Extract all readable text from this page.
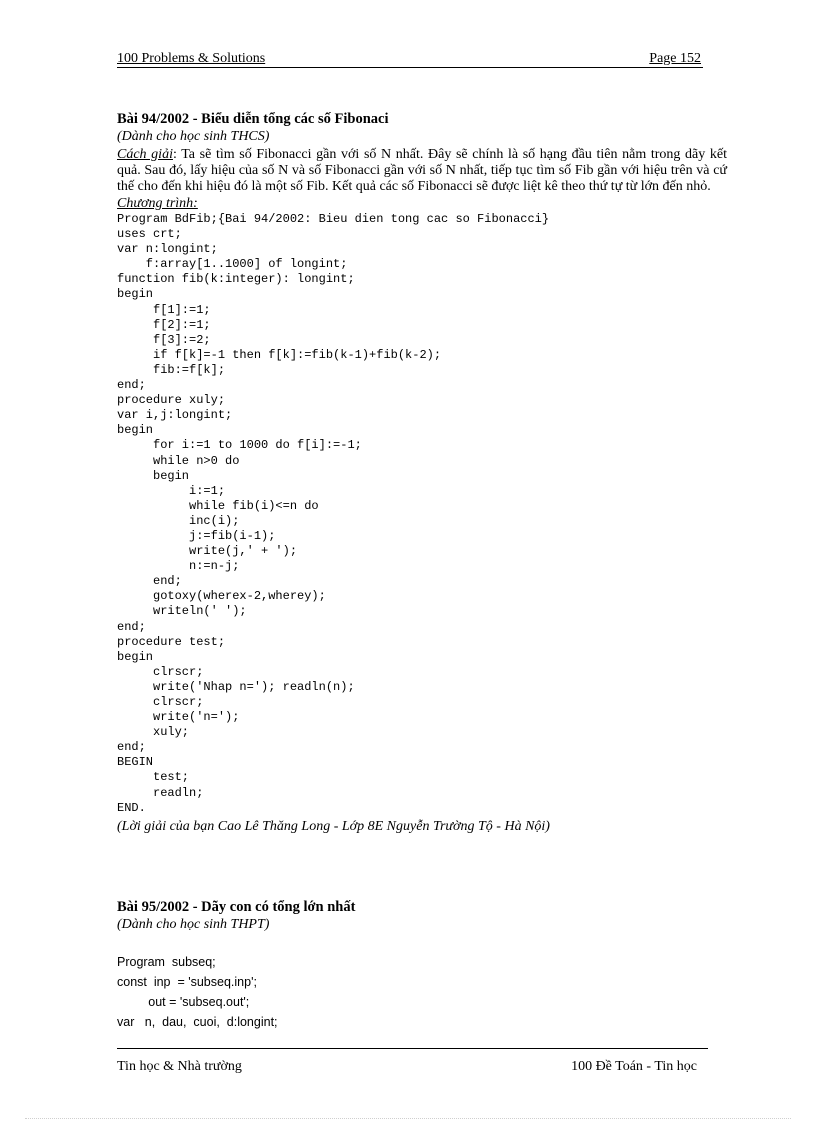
100 Problems & Solutions	Page 152
Bài 94/2002 - Biểu diễn tổng các số Fibonaci
(Dành cho học sinh THCS)

Cách giải: Ta sẽ tìm số Fibonacci gần với số N nhất. Đây sẽ chính là số hạng đầu tiên nằm trong dãy kết quả. Sau đó, lấy hiệu của số N và số Fibonacci gần với số N nhất, tiếp tục tìm số Fib gần với hiệu trên và cứ thế cho đến khi hiệu đó là một số Fib. Kết quả các số Fibonacci sẽ được liệt kê theo thứ tự từ lớn đến nhỏ.

Chương trình:
Program BdFib;{Bai 94/2002: Bieu dien tong cac so Fibonacci}
uses crt;
var n:longint;
f:array[1..1000] of longint;
function fib(k:integer): longint;
begin
f[1]:=1;
f[2]:=1;
f[3]:=2;
if f[k]=-1 then f[k]:=fib(k-1)+fib(k-2);
fib:=f[k];
end;
procedure xuly;
var i,j:longint;
begin
for i:=1 to 1000 do f[i]:=-1;
while n>0 do
begin
i:=1;
while fib(i)<=n do
inc(i);
j:=fib(i-1);
write(j,' + ');
n:=n-j;
end;
gotoxy(wherex-2,wherey);
writeln(' ');
end;
procedure test;
begin
clrscr;
write('Nhap n='); readln(n);
clrscr;
write('n=');
xuly;
end;
BEGIN
test;
readln;
END.
(Lời giải của bạn Cao Lê Thăng Long - Lớp 8E Nguyễn Trường Tộ - Hà Nội)
Bài 95/2002 - Dãy con có tổng lớn nhất
(Dành cho học sinh THPT)
Program  subseq;
const  inp  = 'subseq.inp';
out = 'subseq.out';
var   n,  dau,  cuoi,  d:longint;
Tin học & Nhà trường	100 Đề Toán - Tin học
